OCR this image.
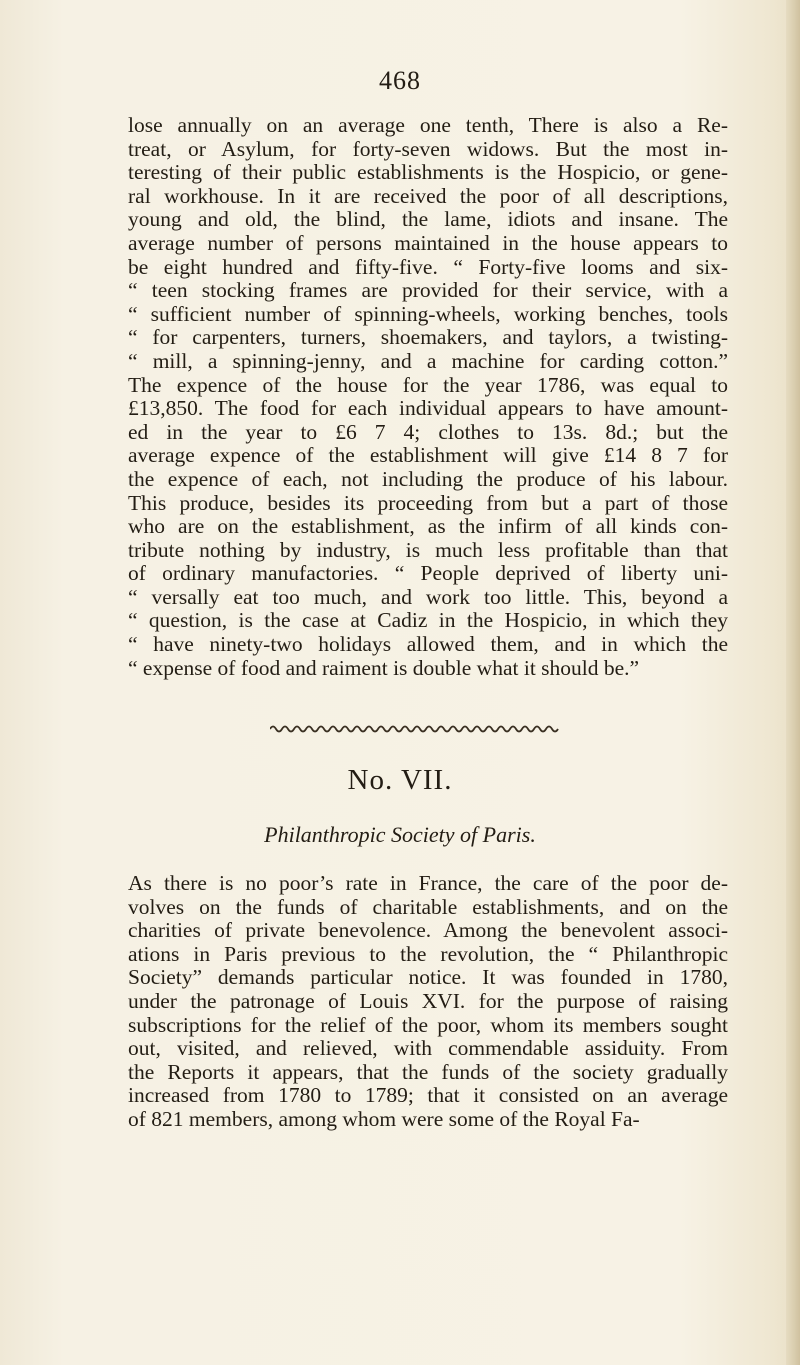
468
lose annually on an average one tenth, There is also a Re-
treat, or Asylum, for forty-seven widows. But the most in-
teresting of their public establishments is the Hospicio, or gene-
ral workhouse. In it are received the poor of all descriptions,
young and old, the blind, the lame, idiots and insane. The
average number of persons maintained in the house appears to
be eight hundred and fifty-five. “ Forty-five looms and six-
“ teen stocking frames are provided for their service, with a
“ sufficient number of spinning-wheels, working benches, tools
“ for carpenters, turners, shoemakers, and taylors, a twisting-
“ mill, a spinning-jenny, and a machine for carding cotton.”
The expence of the house for the year 1786, was equal to
£13,850. The food for each individual appears to have amount-
ed in the year to £6 7 4; clothes to 13s. 8d.; but the
average expence of the establishment will give £14 8 7 for
the expence of each, not including the produce of his labour.
This produce, besides its proceeding from but a part of those
who are on the establishment, as the infirm of all kinds con-
tribute nothing by industry, is much less profitable than that
of ordinary manufactories. “ People deprived of liberty uni-
“ versally eat too much, and work too little. This, beyond a
“ question, is the case at Cadiz in the Hospicio, in which they
“ have ninety-two holidays allowed them, and in which the
“ expense of food and raiment is double what it should be.”
No. VII.
Philanthropic Society of Paris.
As there is no poor’s rate in France, the care of the poor de-
volves on the funds of charitable establishments, and on the
charities of private benevolence. Among the benevolent associ-
ations in Paris previous to the revolution, the “ Philanthropic
Society” demands particular notice. It was founded in 1780,
under the patronage of Louis XVI. for the purpose of raising
subscriptions for the relief of the poor, whom its members sought
out, visited, and relieved, with commendable assiduity. From
the Reports it appears, that the funds of the society gradually
increased from 1780 to 1789; that it consisted on an average
of 821 members, among whom were some of the Royal Fa-
